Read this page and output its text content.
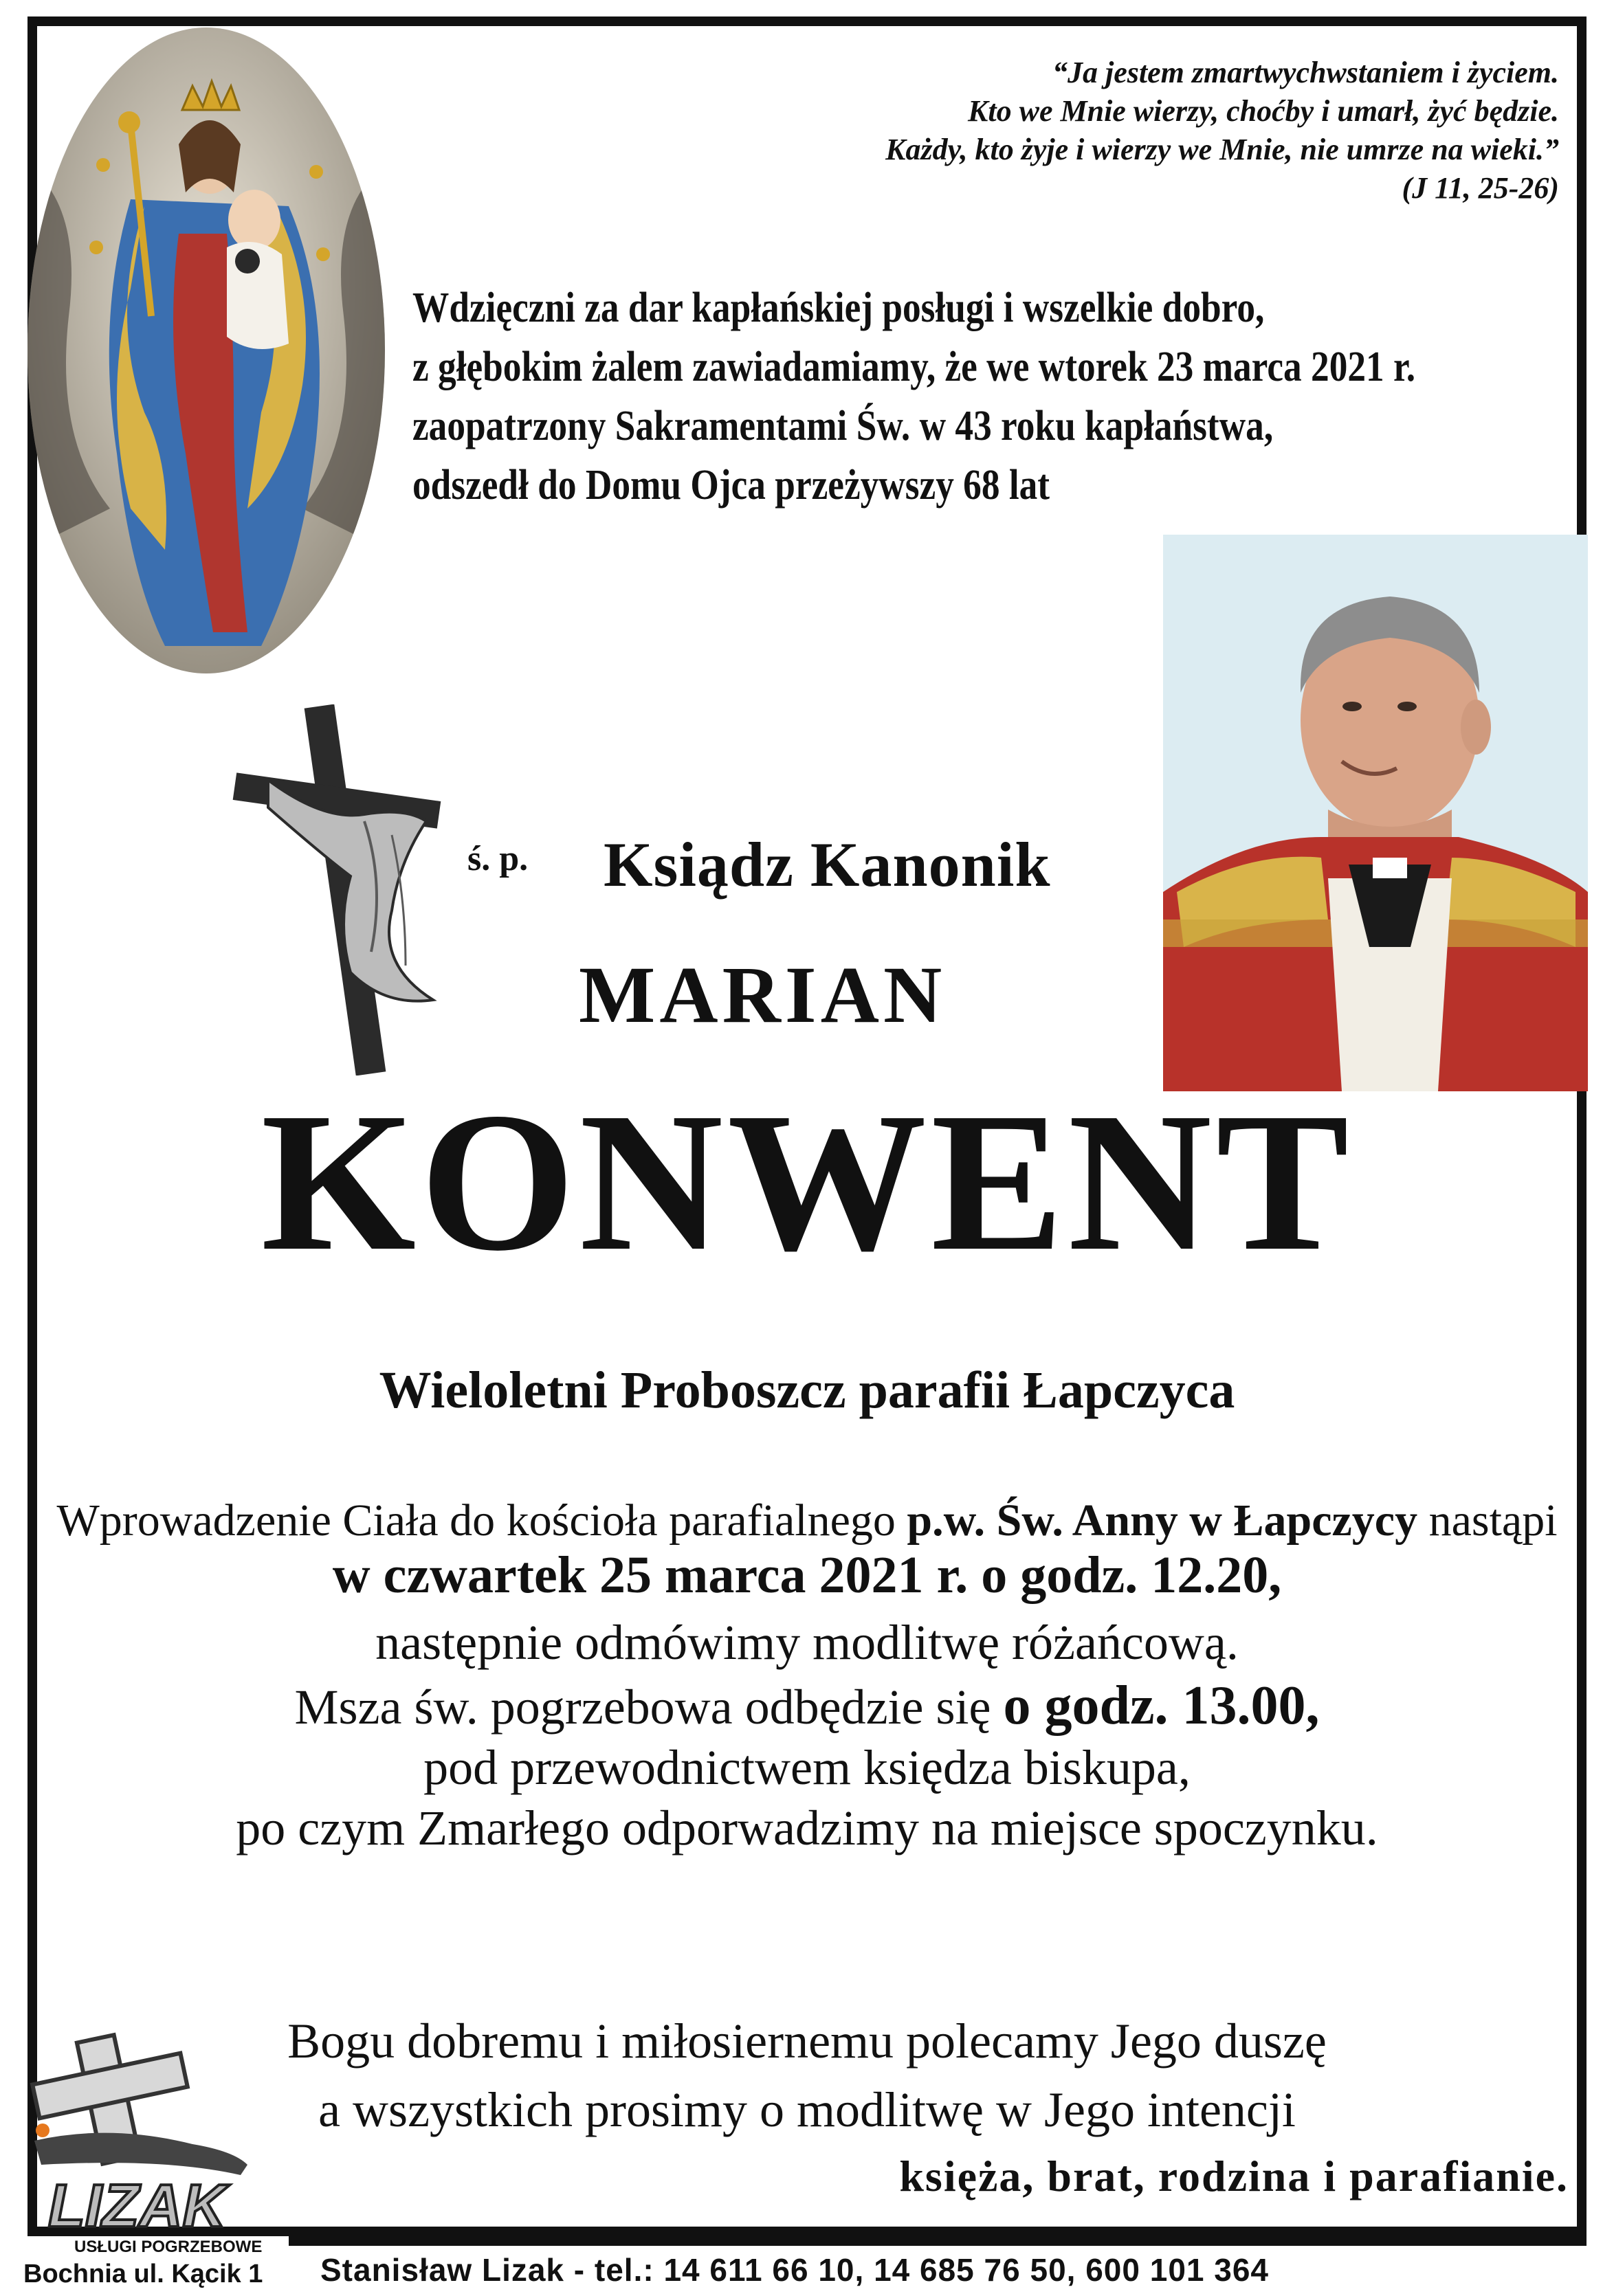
“Ja jestem zmartwychwstaniem i życiem.
Kto we Mnie wierzy, choćby i umarł, żyć będzie.
Każdy, kto żyje i wierzy we Mnie, nie umrze na wieki.”
(J 11, 25-26)
Wdzięczni za dar kapłańskiej posługi i wszelkie dobro,
z głębokim żalem zawiadamiamy, że we wtorek 23 marca 2021 r.
zaopatrzony Sakramentami Św. w 43 roku kapłaństwa,
odszedł do Domu Ojca przeżywszy 68 lat
ś. p. Ksiądz Kanonik
MARIAN
KONWENT
Wieloletni Proboszcz parafii Łapczyca

Wprowadzenie Ciała do kościoła parafialnego p.w. Św. Anny w Łapczycy nastąpi

w czwartek 25 marca 2021 r. o godz. 12.20,

następnie odmówimy modlitwę różańcową.

Msza św. pogrzebowa odbędzie się o godz. 13.00,

pod przewodnictwem księdza biskupa,

po czym Zmarłego odporwadzimy na miejsce spoczynku.

Bogu dobremu i miłosiernemu polecamy Jego duszę

a wszystkich prosimy o modlitwę w Jego intencji

księża, brat, rodzina i parafianie.
LIZAK
USŁUGI POGRZEBOWE
Bochnia ul. Kącik 1	Stanisław Lizak - tel.: 14 611 66 10, 14 685 76 50, 600 101 364
